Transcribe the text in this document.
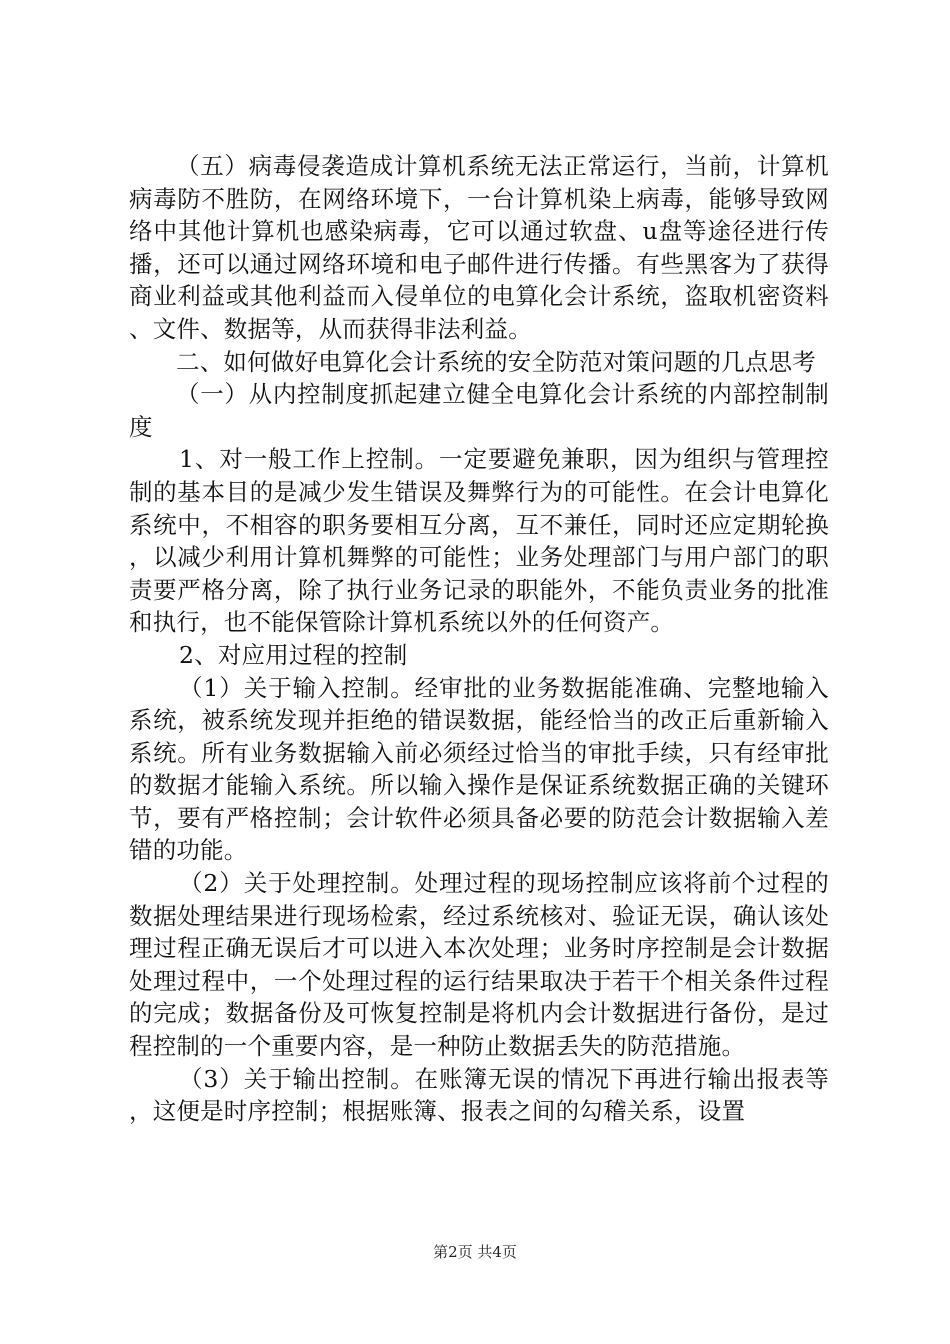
（五）病毒侵袭造成计算机系统无法正常运行，当前，计算机病毒防不胜防，在网络环境下，一台计算机染上病毒，能够导致网络中其他计算机也感染病毒，它可以通过软盘、u盘等途径进行传播，还可以通过网络环境和电子邮件进行传播。有些黑客为了获得商业利益或其他利益而入侵单位的电算化会计系统，盗取机密资料、文件、数据等，从而获得非法利益。

二、如何做好电算化会计系统的安全防范对策问题的几点思考

（一）从内控制度抓起建立健全电算化会计系统的内部控制制度

1、对一般工作上控制。一定要避免兼职，因为组织与管理控制的基本目的是减少发生错误及舞弊行为的可能性。在会计电算化系统中，不相容的职务要相互分离，互不兼任，同时还应定期轮换，以减少利用计算机舞弊的可能性；业务处理部门与用户部门的职责要严格分离，除了执行业务记录的职能外，不能负责业务的批准和执行，也不能保管除计算机系统以外的任何资产。

2、对应用过程的控制

（1）关于输入控制。经审批的业务数据能准确、完整地输入系统，被系统发现并拒绝的错误数据，能经恰当的改正后重新输入系统。所有业务数据输入前必须经过恰当的审批手续，只有经审批的数据才能输入系统。所以输入操作是保证系统数据正确的关键环节，要有严格控制；会计软件必须具备必要的防范会计数据输入差错的功能。

（2）关于处理控制。处理过程的现场控制应该将前个过程的数据处理结果进行现场检索，经过系统核对、验证无误，确认该处理过程正确无误后才可以进入本次处理；业务时序控制是会计数据处理过程中，一个处理过程的运行结果取决于若干个相关条件过程的完成；数据备份及可恢复控制是将机内会计数据进行备份，是过程控制的一个重要内容，是一种防止数据丢失的防范措施。

（3）关于输出控制。在账簿无误的情况下再进行输出报表等，这便是时序控制；根据账簿、报表之间的勾稽关系，设置

第2页 共4页
